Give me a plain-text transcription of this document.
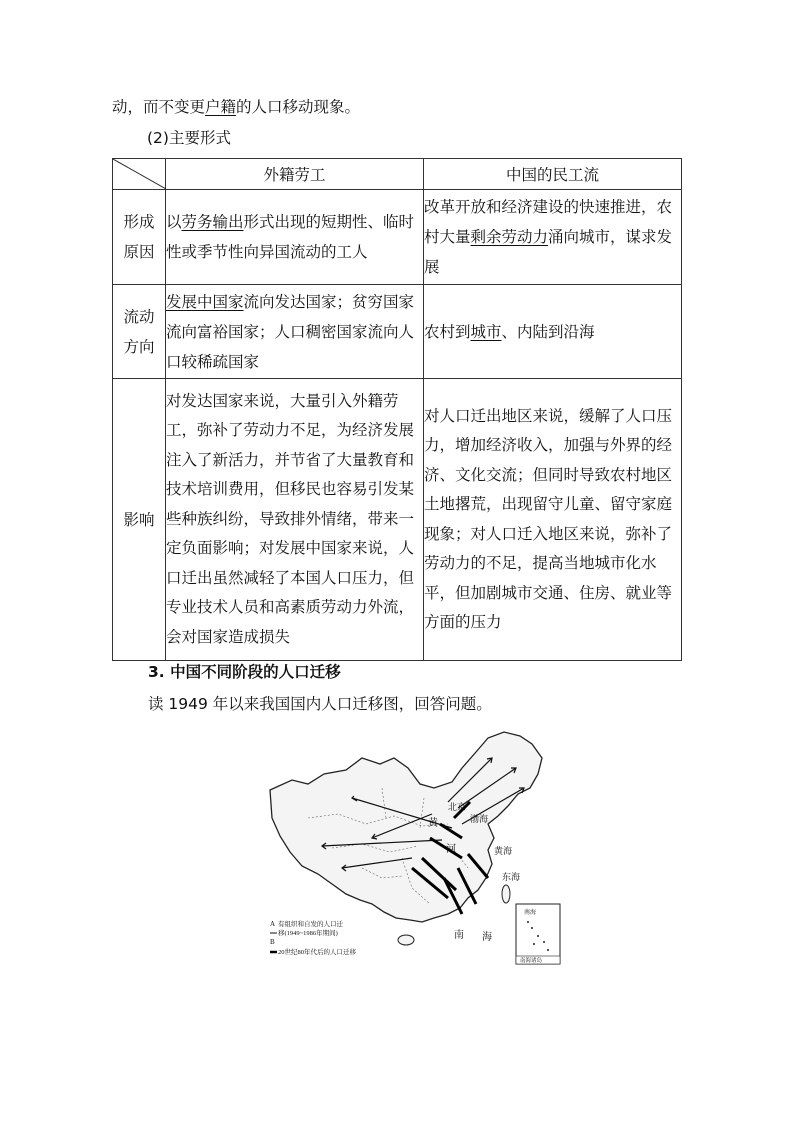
动，而不变更户籍的人口移动现象。
(2)主要形式
	外籍劳工	中国的民工流

形成
原因	以劳务输出形式出现的短期性、临时性或季节性向异国流动的工人	改革开放和经济建设的快速推进，农村大量剩余劳动力涌向城市，谋求发展

流动
方向	发展中国家流向发达国家；贫穷国家流向富裕国家；人口稠密国家流向人口较稀疏国家	农村到城市、内陆到沿海

影响	对发达国家来说，大量引入外籍劳工，弥补了劳动力不足，为经济发展注入了新活力，并节省了大量教育和技术培训费用，但移民也容易引发某些种族纠纷，导致排外情绪，带来一定负面影响；对发展中国家来说，人口迁出虽然减轻了本国人口压力，但专业技术人员和高素质劳动力外流，会对国家造成损失	对人口迁出地区来说，缓解了人口压力，增加经济收入，加强与外界的经济、文化交流；但同时导致农村地区土地撂荒，出现留守儿童、留守家庭现象；对人口迁入地区来说，弥补了劳动力的不足，提高当地城市化水平，但加剧城市交通、住房、就业等方面的压力
3. 中国不同阶段的人口迁移
读 1949 年以来我国国内人口迁移图，回答问题。
北京
黄	渤海
河	黄海
东海
南 海
南海
南海诸岛
A 有组织和自发的人口迁
移(1949~1986年期间)
B
20世纪80年代后的人口迁移
